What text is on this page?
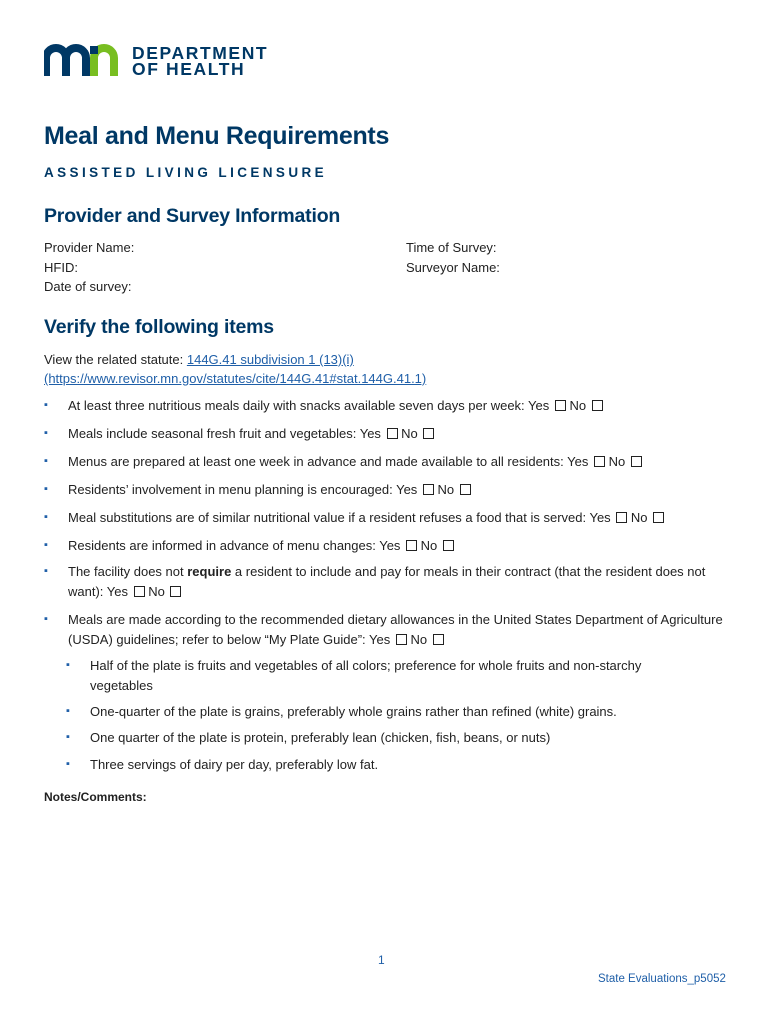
DEPARTMENT
OF HEALTH
Meal and Menu Requirements
ASSISTED LIVING LICENSURE
Provider and Survey Information
Provider Name:
HFID:
Date of survey:
Time of Survey:
Surveyor Name:
Verify the following items
View the related statute: 144G.41 subdivision 1 (13)(i)
(https://www.revisor.mn.gov/statutes/cite/144G.41#stat.144G.41.1)
▪ At least three nutritious meals daily with snacks available seven days per week: Yes  No
▪ Meals include seasonal fresh fruit and vegetables: Yes  No
▪ Menus are prepared at least one week in advance and made available to all residents: Yes  No
▪ Residents’ involvement in menu planning is encouraged: Yes  No
▪ Meal substitutions are of similar nutritional value if a resident refuses a food that is served: Yes  No
▪ Residents are informed in advance of menu changes: Yes  No
▪ The facility does not require a resident to include and pay for meals in their contract (that the resident does not want): Yes  No
▪ Meals are made according to the recommended dietary allowances in the United States Department of Agriculture (USDA) guidelines; refer to below “My Plate Guide”: Yes  No
▪ Half of the plate is fruits and vegetables of all colors; preference for whole fruits and non-starchy vegetables
▪ One-quarter of the plate is grains, preferably whole grains rather than refined (white) grains.
▪ One quarter of the plate is protein, preferably lean (chicken, fish, beans, or nuts)
▪ Three servings of dairy per day, preferably low fat.
Notes/Comments:
1
State Evaluations_p5052
